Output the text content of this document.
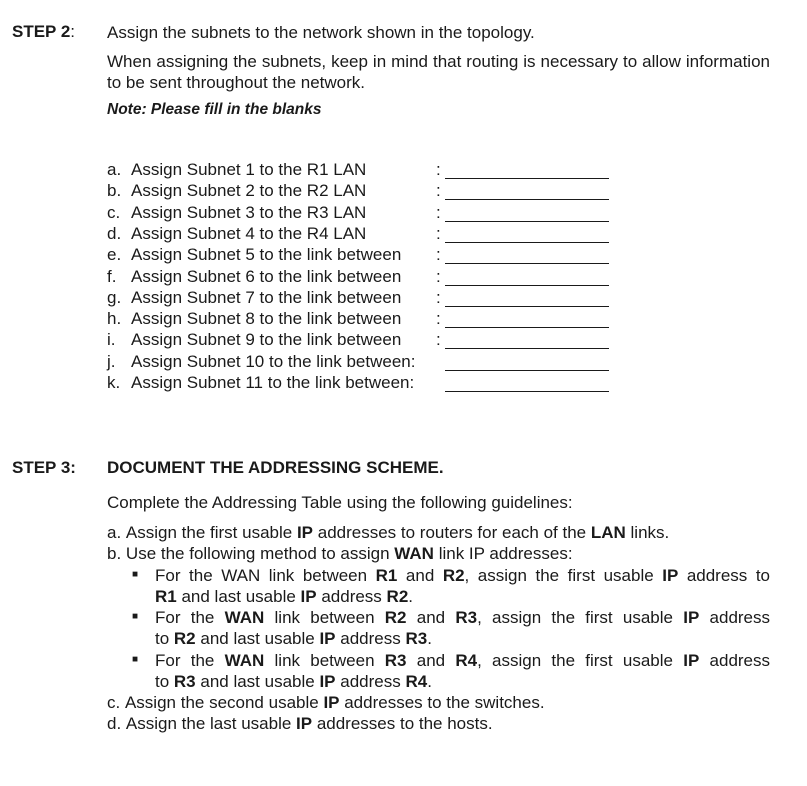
STEP 2: Assign the subnets to the network shown in the topology.
When assigning the subnets, keep in mind that routing is necessary to allow information to be sent throughout the network.
Note: Please fill in the blanks
a. Assign Subnet 1 to the R1 LAN	:
b. Assign Subnet 2 to the R2 LAN	:
c. Assign Subnet 3 to the R3 LAN	:
d. Assign Subnet 4 to the R4 LAN	:
e. Assign Subnet 5 to the link between :
f. Assign Subnet 6 to the link between :
g. Assign Subnet 7 to the link between :
h. Assign Subnet 8 to the link between :
i. Assign Subnet 9 to the link between :
j. Assign Subnet 10 to the link between:
k. Assign Subnet 11 to the link between:
STEP 3: DOCUMENT THE ADDRESSING SCHEME.
Complete the Addressing Table using the following guidelines:
a. Assign the first usable IP addresses to routers for each of the LAN links.
b. Use the following method to assign WAN link IP addresses:
■ For the WAN link between R1 and R2, assign the first usable IP address to
R1 and last usable IP address R2.
■ For the WAN link between R2 and R3, assign the first usable IP address
to R2 and last usable IP address R3.
■ For the WAN link between R3 and R4, assign the first usable IP address
to R3 and last usable IP address R4.
c. Assign the second usable IP addresses to the switches.
d. Assign the last usable IP addresses to the hosts.
